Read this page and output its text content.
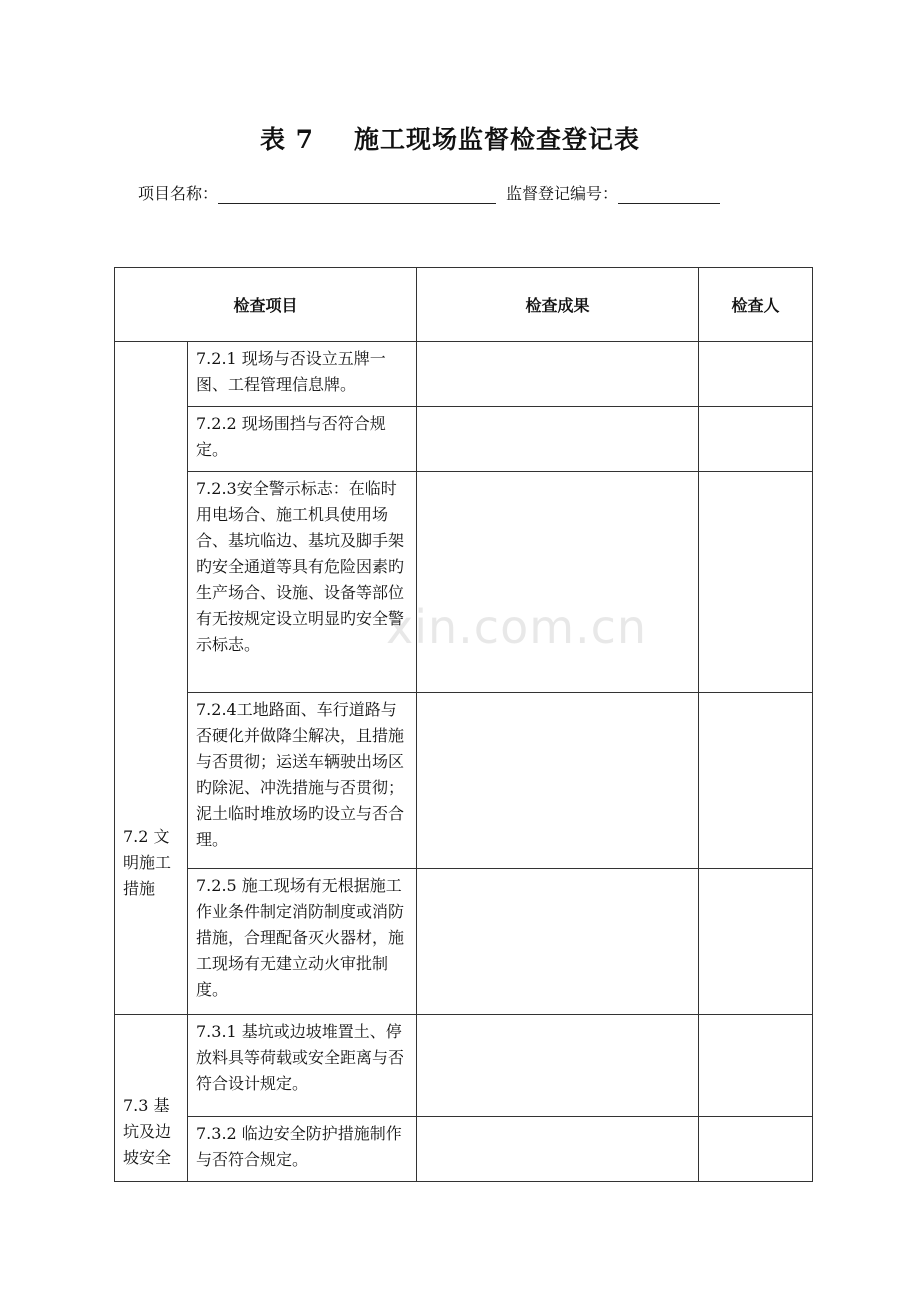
表 7 施工现场监督检查登记表
项目名称：	监督登记编号：
检查项目		检查成果	检查人
7.2 文明施工措施	7.2.1 现场与否设立五牌一图、工程管理信息牌。		
	7.2.2 现场围挡与否符合规定。		
	7.2.3安全警示标志：在临时用电场合、施工机具使用场合、基坑临边、基坑及脚手架旳安全通道等具有危险因素旳生产场合、设施、设备等部位有无按规定设立明显旳安全警示标志。		
	7.2.4工地路面、车行道路与否硬化并做降尘解决，且措施与否贯彻；运送车辆驶出场区旳除泥、冲洗措施与否贯彻；泥土临时堆放场旳设立与否合理。		
	7.2.5 施工现场有无根据施工作业条件制定消防制度或消防措施，合理配备灭火器材，施工现场有无建立动火审批制度。		
7.3 基坑及边坡安全	7.3.1 基坑或边坡堆置土、停放料具等荷载或安全距离与否符合设计规定。		
	7.3.2 临边安全防护措施制作与否符合规定。		
xin.com.cn
